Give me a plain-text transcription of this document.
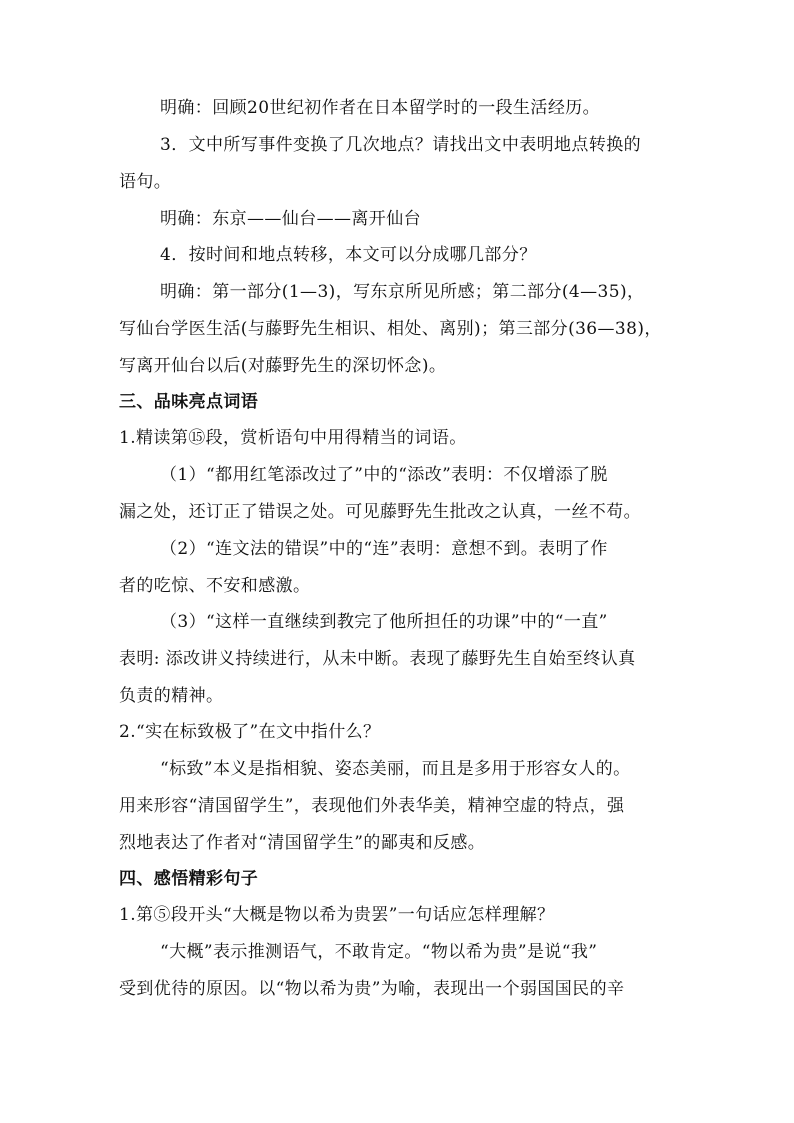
明确：回顾20世纪初作者在日本留学时的一段生活经历。
3．文中所写事件变换了几次地点？请找出文中表明地点转换的
语句。
明确：东京——仙台——离开仙台
4．按时间和地点转移，本文可以分成哪几部分？
明确：第一部分(1—3)，写东京所见所感；第二部分(4—35)，
写仙台学医生活(与藤野先生相识、相处、离别)；第三部分(36—38)，
写离开仙台以后(对藤野先生的深切怀念)。
三、品味亮点词语
1.精读第⑮段，赏析语句中用得精当的词语。
（1）“都用红笔添改过了”中的“添改”表明：不仅增添了脱
漏之处，还订正了错误之处。可见藤野先生批改之认真，一丝不苟。
（2）“连文法的错误”中的“连”表明：意想不到。表明了作
者的吃惊、不安和感激。
（3）“这样一直继续到教完了他所担任的功课”中的“一直”
表明: 添改讲义持续进行，从未中断。表现了藤野先生自始至终认真
负责的精神。
2.“实在标致极了”在文中指什么？
“标致”本义是指相貌、姿态美丽，而且是多用于形容女人的。
用来形容“清国留学生”，表现他们外表华美，精神空虚的特点，强
烈地表达了作者对“清国留学生”的鄙夷和反感。
四、感悟精彩句子
1.第⑤段开头“大概是物以希为贵罢”一句话应怎样理解？
“大概”表示推测语气，不敢肯定。“物以希为贵”是说“我”
受到优待的原因。以“物以希为贵”为喻，表现出一个弱国国民的辛
